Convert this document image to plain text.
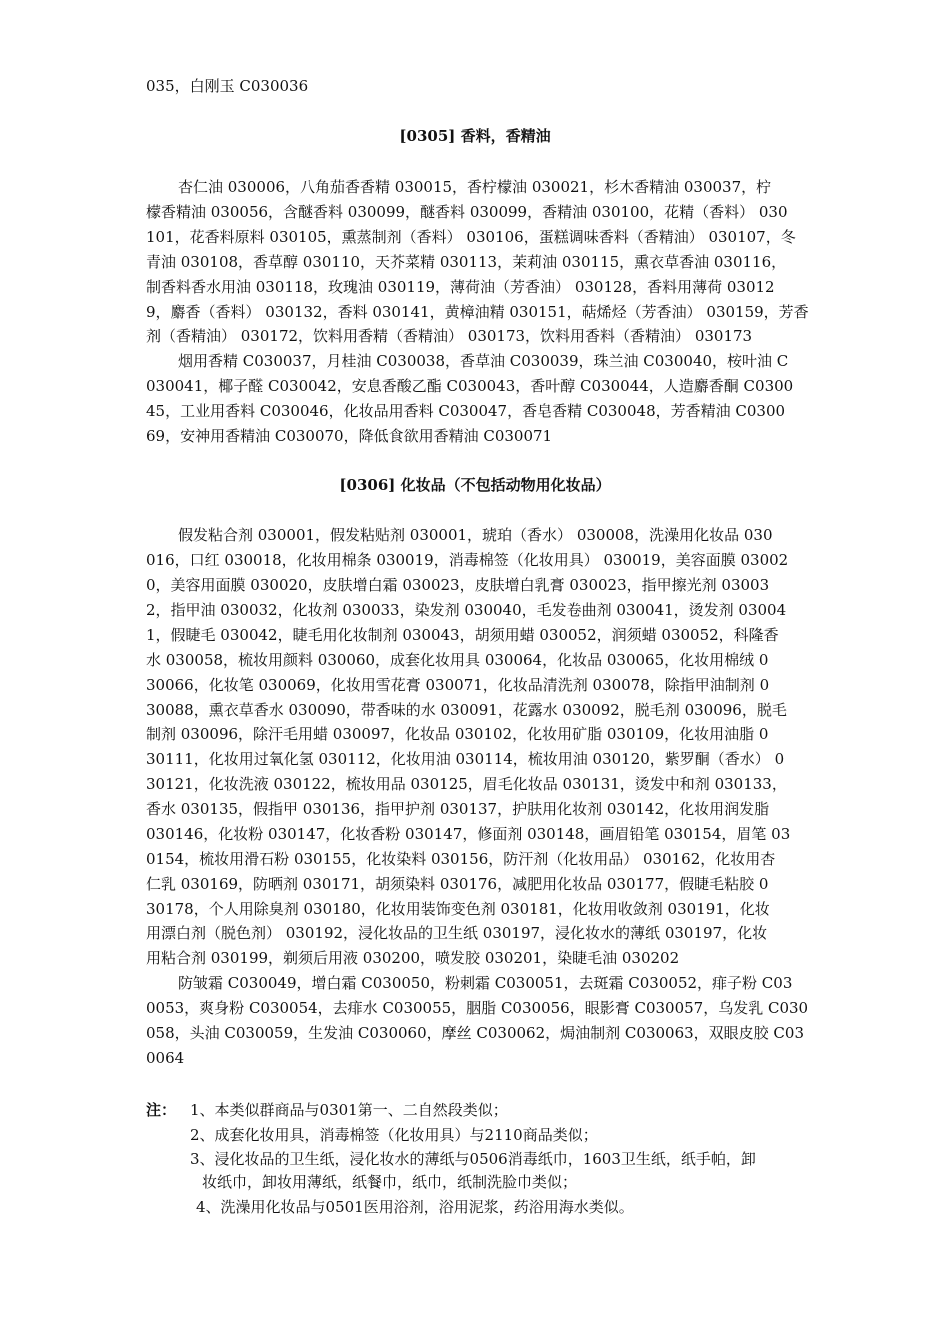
035，白刚玉 C030036
[0305] 香料，香精油
杏仁油 030006，八角茄香香精 030015，香柠檬油 030021，杉木香精油 030037，柠
檬香精油 030056，含醚香料 030099，醚香料 030099，香精油 030100，花精（香料） 030
101，花香料原料 030105，熏蒸制剂（香料） 030106，蛋糕调味香料（香精油） 030107，冬
青油 030108，香草醇 030110，天芥菜精 030113，茉莉油 030115，熏衣草香油 030116，
制香料香水用油 030118，玫瑰油 030119，薄荷油（芳香油） 030128，香料用薄荷 03012
9，麝香（香料） 030132，香料 030141，黄樟油精 030151，萜烯烃（芳香油） 030159，芳香
剂（香精油） 030172，饮料用香精（香精油） 030173，饮料用香料（香精油） 030173
烟用香精 C030037，月桂油 C030038，香草油 C030039，珠兰油 C030040，桉叶油 C
030041，椰子醛 C030042，安息香酸乙酯 C030043，香叶醇 C030044，人造麝香酮 C0300
45，工业用香料 C030046，化妆品用香料 C030047，香皂香精 C030048，芳香精油 C0300
69，安神用香精油 C030070，降低食欲用香精油 C030071
[0306] 化妆品（不包括动物用化妆品）
假发粘合剂 030001，假发粘贴剂 030001，琥珀（香水） 030008，洗澡用化妆品 030
016，口红 030018，化妆用棉条 030019，消毒棉签（化妆用具） 030019，美容面膜 03002
0，美容用面膜 030020，皮肤增白霜 030023，皮肤增白乳膏 030023，指甲擦光剂 03003
2，指甲油 030032，化妆剂 030033，染发剂 030040，毛发卷曲剂 030041，烫发剂 03004
1，假睫毛 030042，睫毛用化妆制剂 030043，胡须用蜡 030052，润须蜡 030052，科隆香
水 030058，梳妆用颜料 030060，成套化妆用具 030064，化妆品 030065，化妆用棉绒 0
30066，化妆笔 030069，化妆用雪花膏 030071，化妆品清洗剂 030078，除指甲油制剂 0
30088，熏衣草香水 030090，带香味的水 030091，花露水 030092，脱毛剂 030096，脱毛
制剂 030096，除汗毛用蜡 030097，化妆品 030102，化妆用矿脂 030109，化妆用油脂 0
30111，化妆用过氧化氢 030112，化妆用油 030114，梳妆用油 030120，紫罗酮（香水） 0
30121，化妆洗液 030122，梳妆用品 030125，眉毛化妆品 030131，烫发中和剂 030133，
香水 030135，假指甲 030136，指甲护剂 030137，护肤用化妆剂 030142，化妆用润发脂
030146，化妆粉 030147，化妆香粉 030147，修面剂 030148，画眉铅笔 030154，眉笔 03
0154，梳妆用滑石粉 030155，化妆染料 030156，防汗剂（化妆用品） 030162，化妆用杏
仁乳 030169，防晒剂 030171，胡须染料 030176，减肥用化妆品 030177，假睫毛粘胶 0
30178，个人用除臭剂 030180，化妆用装饰变色剂 030181，化妆用收敛剂 030191，化妆
用漂白剂（脱色剂） 030192，浸化妆品的卫生纸 030197，浸化妆水的薄纸 030197，化妆
用粘合剂 030199，剃须后用液 030200，喷发胶 030201，染睫毛油 030202
防皱霜 C030049，增白霜 C030050，粉刺霜 C030051，去斑霜 C030052，痱子粉 C03
0053，爽身粉 C030054，去痱水 C030055，胭脂 C030056，眼影膏 C030057，乌发乳 C030
058，头油 C030059，生发油 C030060，摩丝 C030062，焗油制剂 C030063，双眼皮胶 C03
0064
注： 1、本类似群商品与0301第一、二自然段类似；
2、成套化妆用具，消毒棉签（化妆用具）与2110商品类似；
3、浸化妆品的卫生纸，浸化妆水的薄纸与0506消毒纸巾，1603卫生纸，纸手帕，卸
妆纸巾，卸妆用薄纸，纸餐巾，纸巾，纸制洗脸巾类似；
4、洗澡用化妆品与0501医用浴剂，浴用泥浆，药浴用海水类似。
